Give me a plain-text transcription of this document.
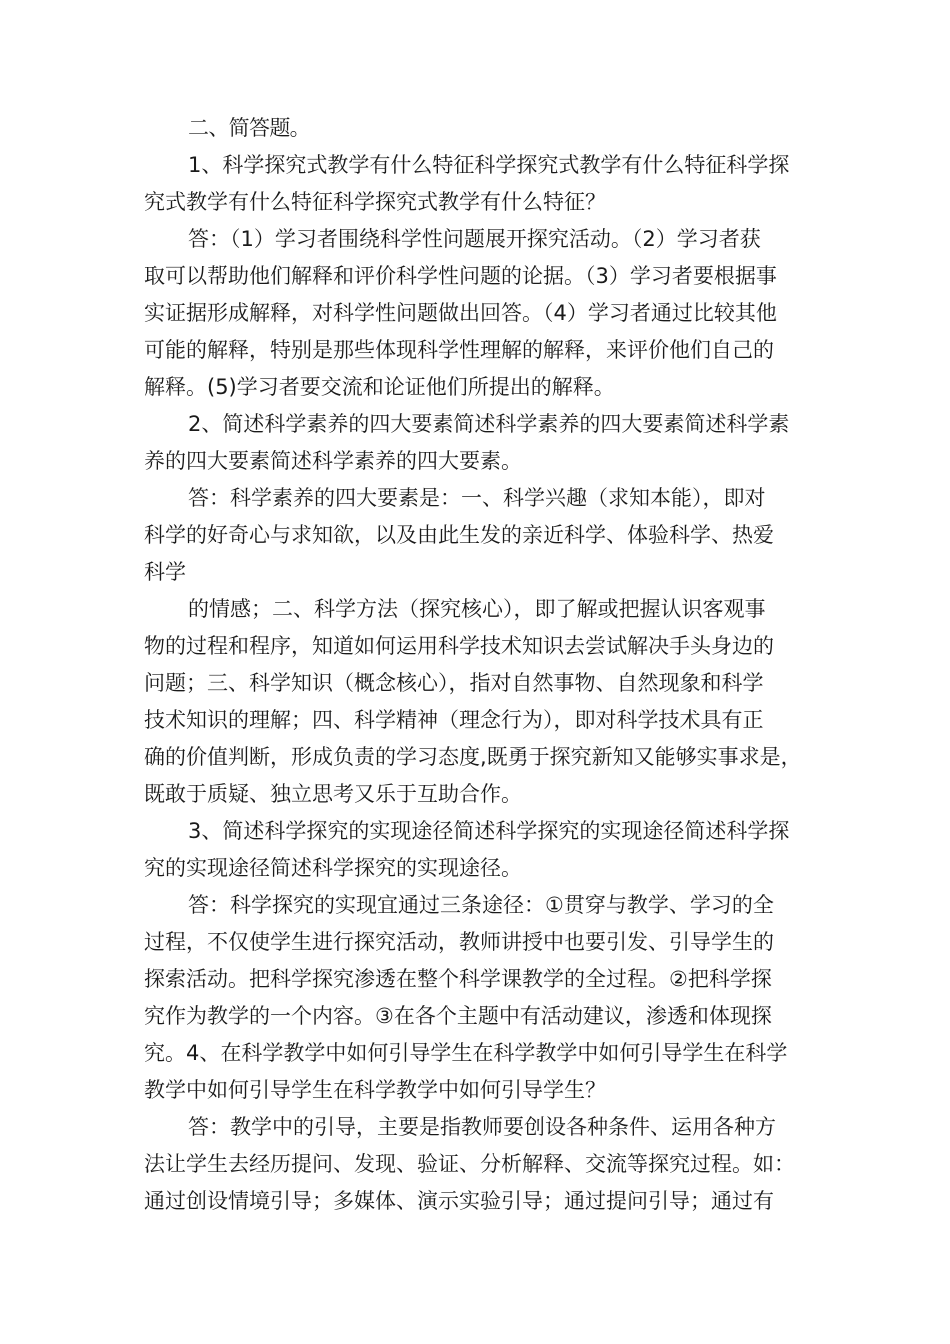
二、简答题。
1、科学探究式教学有什么特征科学探究式教学有什么特征科学探
究式教学有什么特征科学探究式教学有什么特征？
答：（1）学习者围绕科学性问题展开探究活动。（2）学习者获
取可以帮助他们解释和评价科学性问题的论据。（3）学习者要根据事
实证据形成解释，对科学性问题做出回答。（4）学习者通过比较其他
可能的解释，特别是那些体现科学性理解的解释，来评价他们自己的
解释。(5)学习者要交流和论证他们所提出的解释。
2、简述科学素养的四大要素简述科学素养的四大要素简述科学素
养的四大要素简述科学素养的四大要素。
答：科学素养的四大要素是：一、科学兴趣（求知本能），即对
科学的好奇心与求知欲，以及由此生发的亲近科学、体验科学、热爱
科学
的情感；二、科学方法（探究核心），即了解或把握认识客观事
物的过程和程序，知道如何运用科学技术知识去尝试解决手头身边的
问题；三、科学知识（概念核心），指对自然事物、自然现象和科学
技术知识的理解；四、科学精神（理念行为），即对科学技术具有正
确的价值判断，形成负责的学习态度,既勇于探究新知又能够实事求是，
既敢于质疑、独立思考又乐于互助合作。
3、简述科学探究的实现途径简述科学探究的实现途径简述科学探
究的实现途径简述科学探究的实现途径。
答：科学探究的实现宜通过三条途径：①贯穿与教学、学习的全
过程，不仅使学生进行探究活动，教师讲授中也要引发、引导学生的
探索活动。把科学探究渗透在整个科学课教学的全过程。②把科学探
究作为教学的一个内容。③在各个主题中有活动建议，渗透和体现探
究。4、在科学教学中如何引导学生在科学教学中如何引导学生在科学
教学中如何引导学生在科学教学中如何引导学生？
答：教学中的引导，主要是指教师要创设各种条件、运用各种方
法让学生去经历提问、发现、验证、分析解释、交流等探究过程。如：
通过创设情境引导；多媒体、演示实验引导；通过提问引导；通过有
